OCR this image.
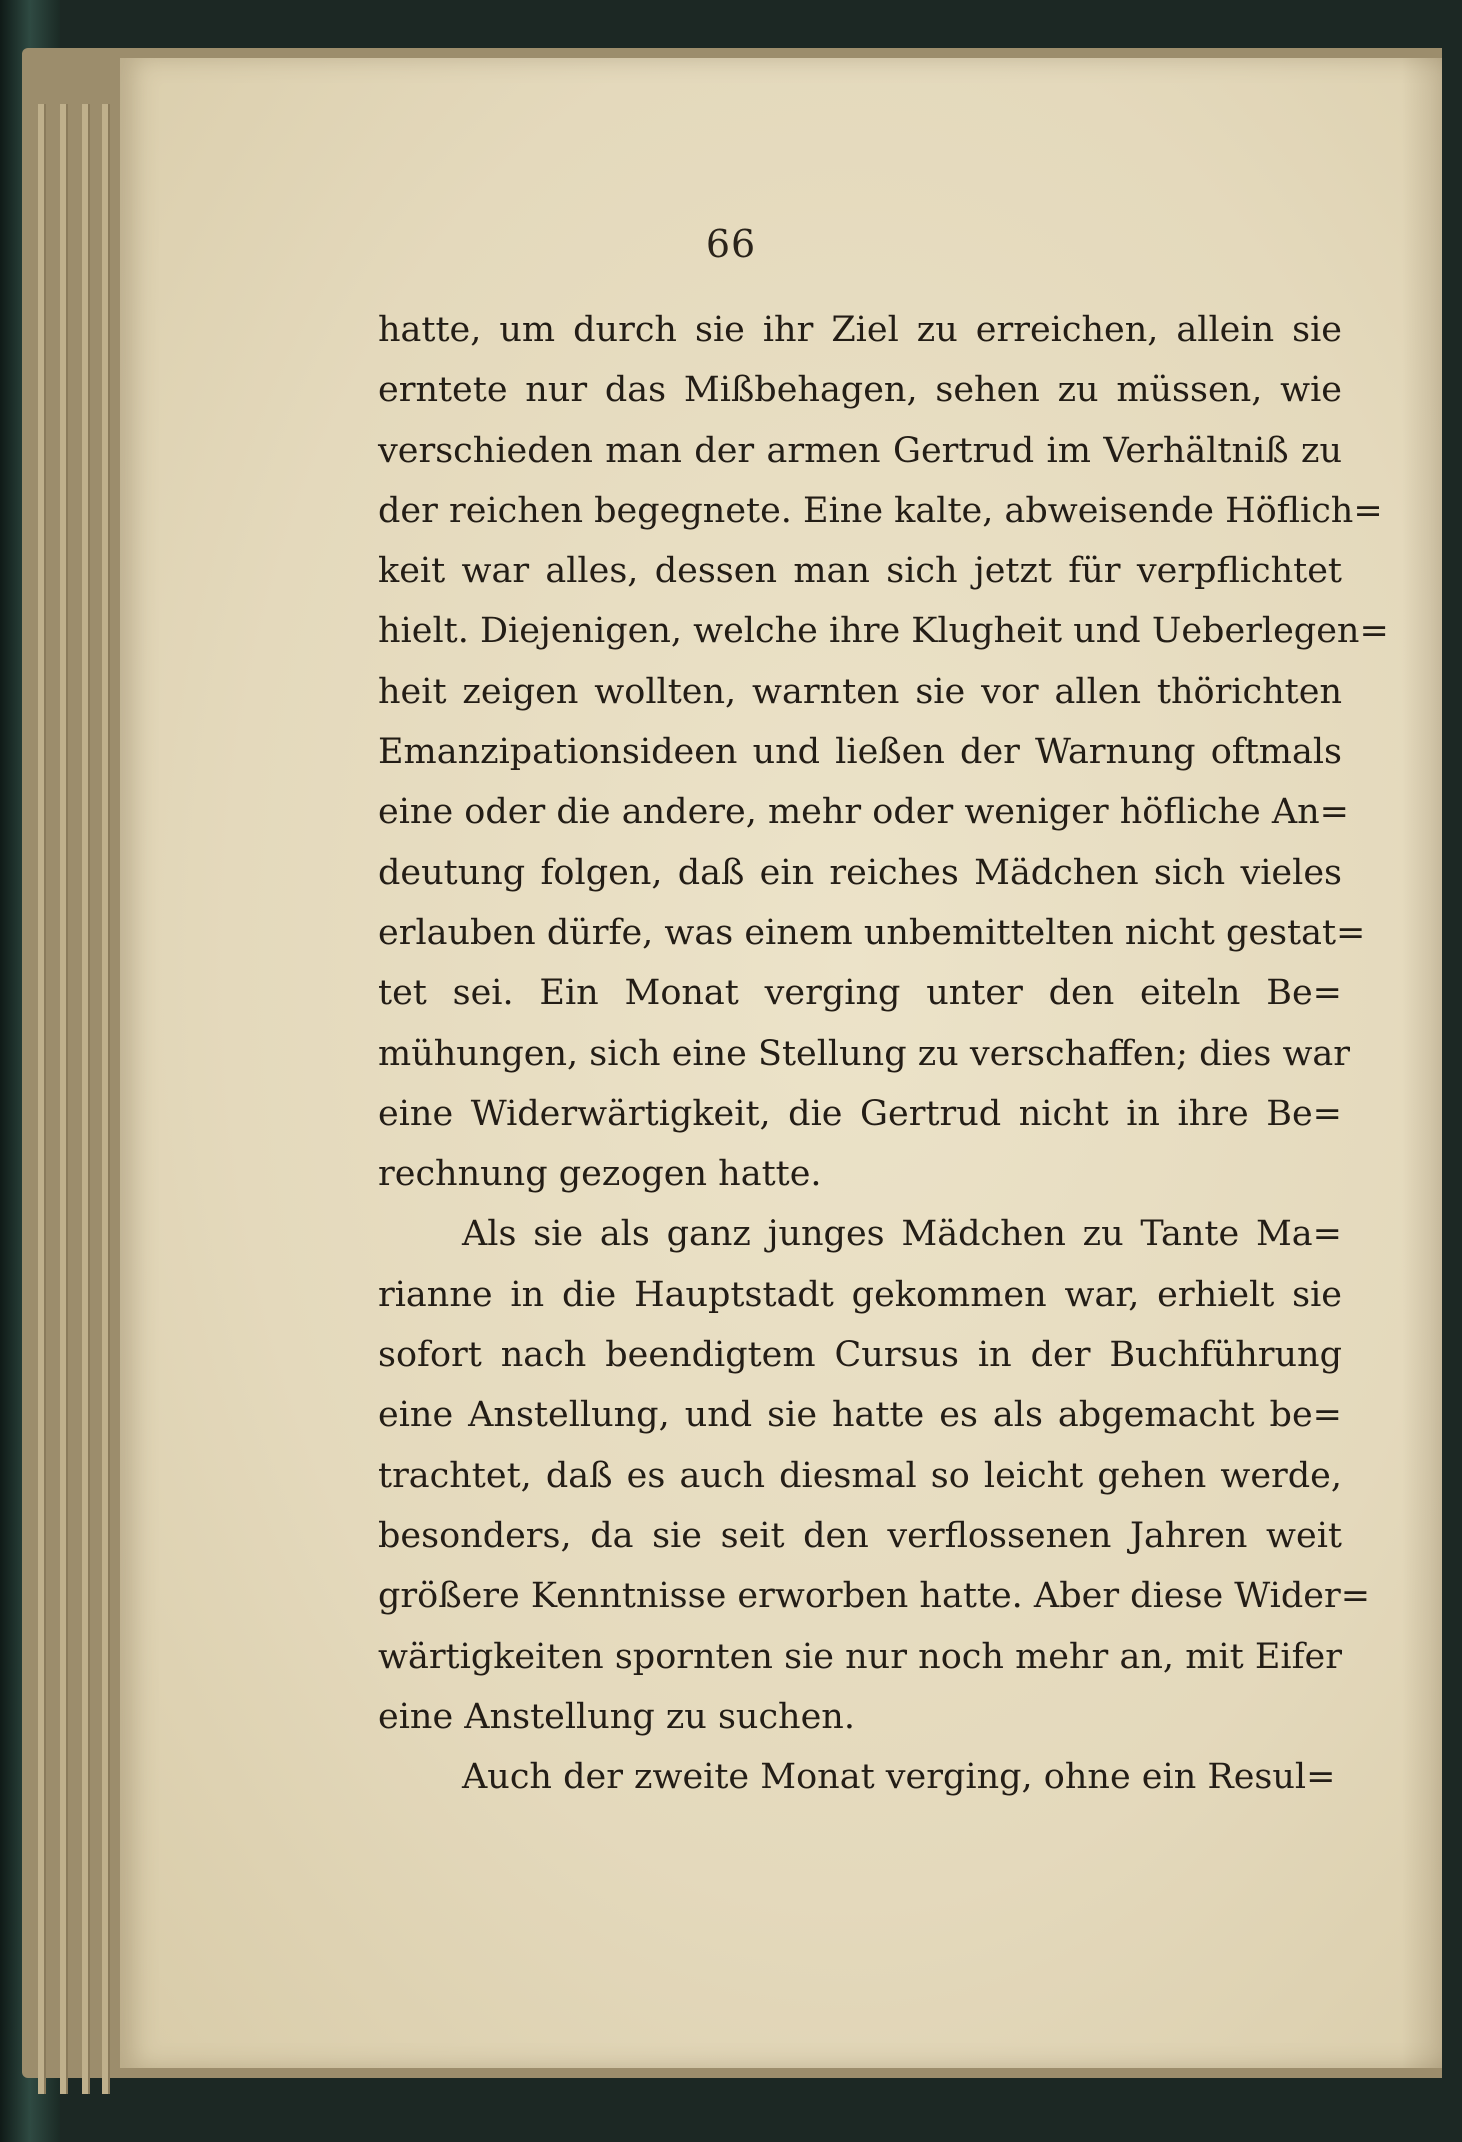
66
hatte, um durch sie ihr Ziel zu erreichen, allein sie
erntete nur das Mißbehagen, sehen zu müssen, wie
verschieden man der armen Gertrud im Verhältniß zu
der reichen begegnete. Eine kalte, abweisende Höflich=
keit war alles, dessen man sich jetzt für verpflichtet
hielt. Diejenigen, welche ihre Klugheit und Ueberlegen=
heit zeigen wollten, warnten sie vor allen thörichten
Emanzipationsideen und ließen der Warnung oftmals
eine oder die andere, mehr oder weniger höfliche An=
deutung folgen, daß ein reiches Mädchen sich vieles
erlauben dürfe, was einem unbemittelten nicht gestat=
tet sei. Ein Monat verging unter den eiteln Be=
mühungen, sich eine Stellung zu verschaffen; dies war
eine Widerwärtigkeit, die Gertrud nicht in ihre Be=
rechnung gezogen hatte.
Als sie als ganz junges Mädchen zu Tante Ma=
rianne in die Hauptstadt gekommen war, erhielt sie
sofort nach beendigtem Cursus in der Buchführung
eine Anstellung, und sie hatte es als abgemacht be=
trachtet, daß es auch diesmal so leicht gehen werde,
besonders, da sie seit den verflossenen Jahren weit
größere Kenntnisse erworben hatte. Aber diese Wider=
wärtigkeiten spornten sie nur noch mehr an, mit Eifer
eine Anstellung zu suchen.
Auch der zweite Monat verging, ohne ein Resul=
